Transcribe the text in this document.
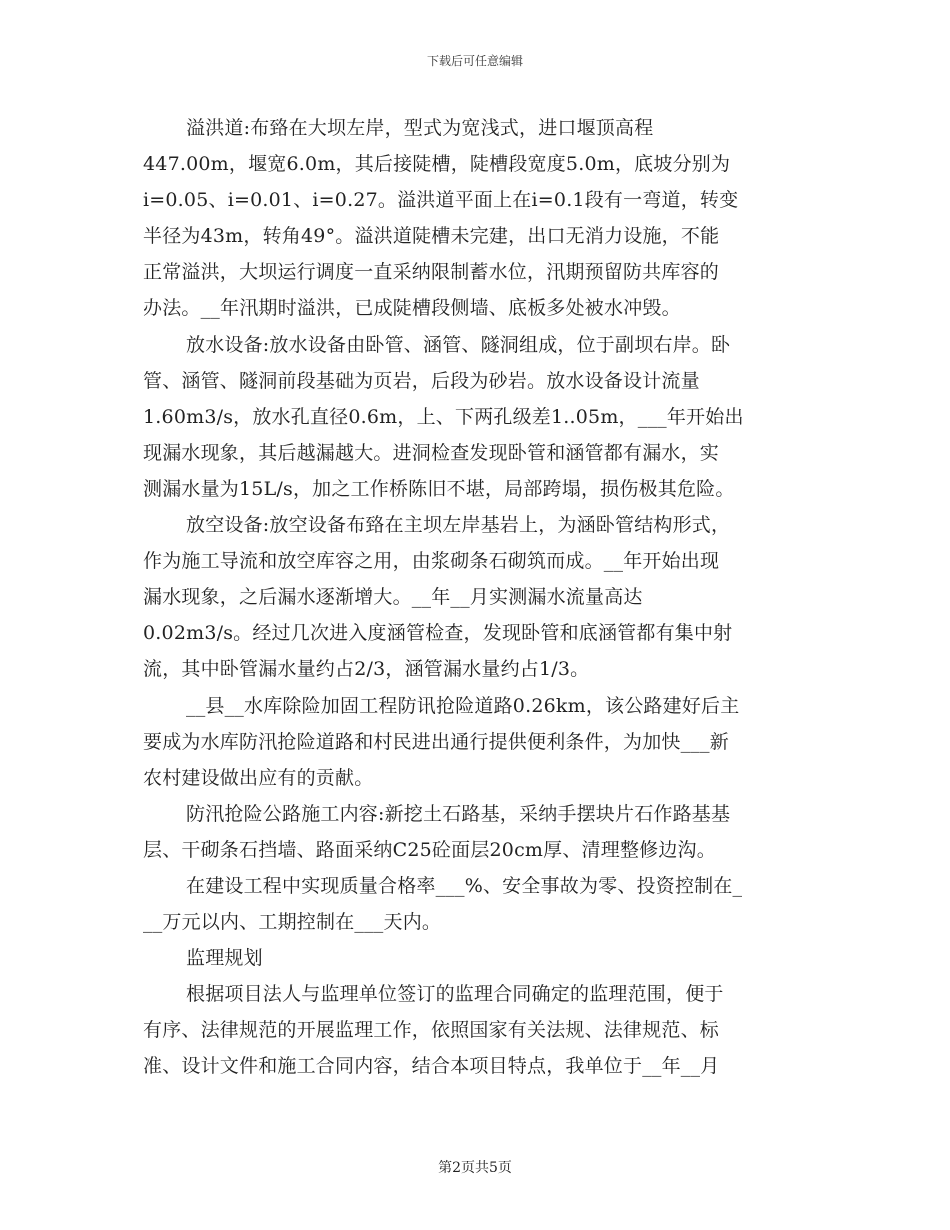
下载后可任意编辑
溢洪道:布臵在大坝左岸，型式为宽浅式，进口堰顶高程
447.00m，堰宽6.0m，其后接陡槽，陡槽段宽度5.0m，底坡分别为
i=0.05、i=0.01、i=0.27。溢洪道平面上在i=0.1段有一弯道，转变
半径为43m，转角49°。溢洪道陡槽未完建，出口无消力设施，不能
正常溢洪，大坝运行调度一直采纳限制蓄水位，汛期预留防共库容的
办法。__年汛期时溢洪，已成陡槽段侧墙、底板多处被水冲毁。
放水设备:放水设备由卧管、涵管、隧洞组成，位于副坝右岸。卧
管、涵管、隧洞前段基础为页岩，后段为砂岩。放水设备设计流量
1.60m3/s，放水孔直径0.6m，上、下两孔级差1..05m，___年开始出
现漏水现象，其后越漏越大。进洞检查发现卧管和涵管都有漏水，实
测漏水量为15L/s，加之工作桥陈旧不堪，局部跨塌，损伤极其危险。
放空设备:放空设备布臵在主坝左岸基岩上，为涵卧管结构形式，
作为施工导流和放空库容之用，由浆砌条石砌筑而成。__年开始出现
漏水现象，之后漏水逐渐增大。__年__月实测漏水流量高达
0.02m3/s。经过几次进入度涵管检查，发现卧管和底涵管都有集中射
流，其中卧管漏水量约占2/3，涵管漏水量约占1/3。
__县__水库除险加固工程防讯抢险道路0.26km，该公路建好后主
要成为水库防汛抢险道路和村民进出通行提供便利条件，为加快___新
农村建设做出应有的贡献。
防汛抢险公路施工内容:新挖土石路基，采纳手摆块片石作路基基
层、干砌条石挡墙、路面采纳C25砼面层20cm厚、清理整修边沟。
在建设工程中实现质量合格率___%、安全事故为零、投资控制在_
__万元以内、工期控制在___天内。
监理规划
根据项目法人与监理单位签订的监理合同确定的监理范围，便于
有序、法律规范的开展监理工作，依照国家有关法规、法律规范、标
准、设计文件和施工合同内容，结合本项目特点，我单位于__年__月
第2页共5页
